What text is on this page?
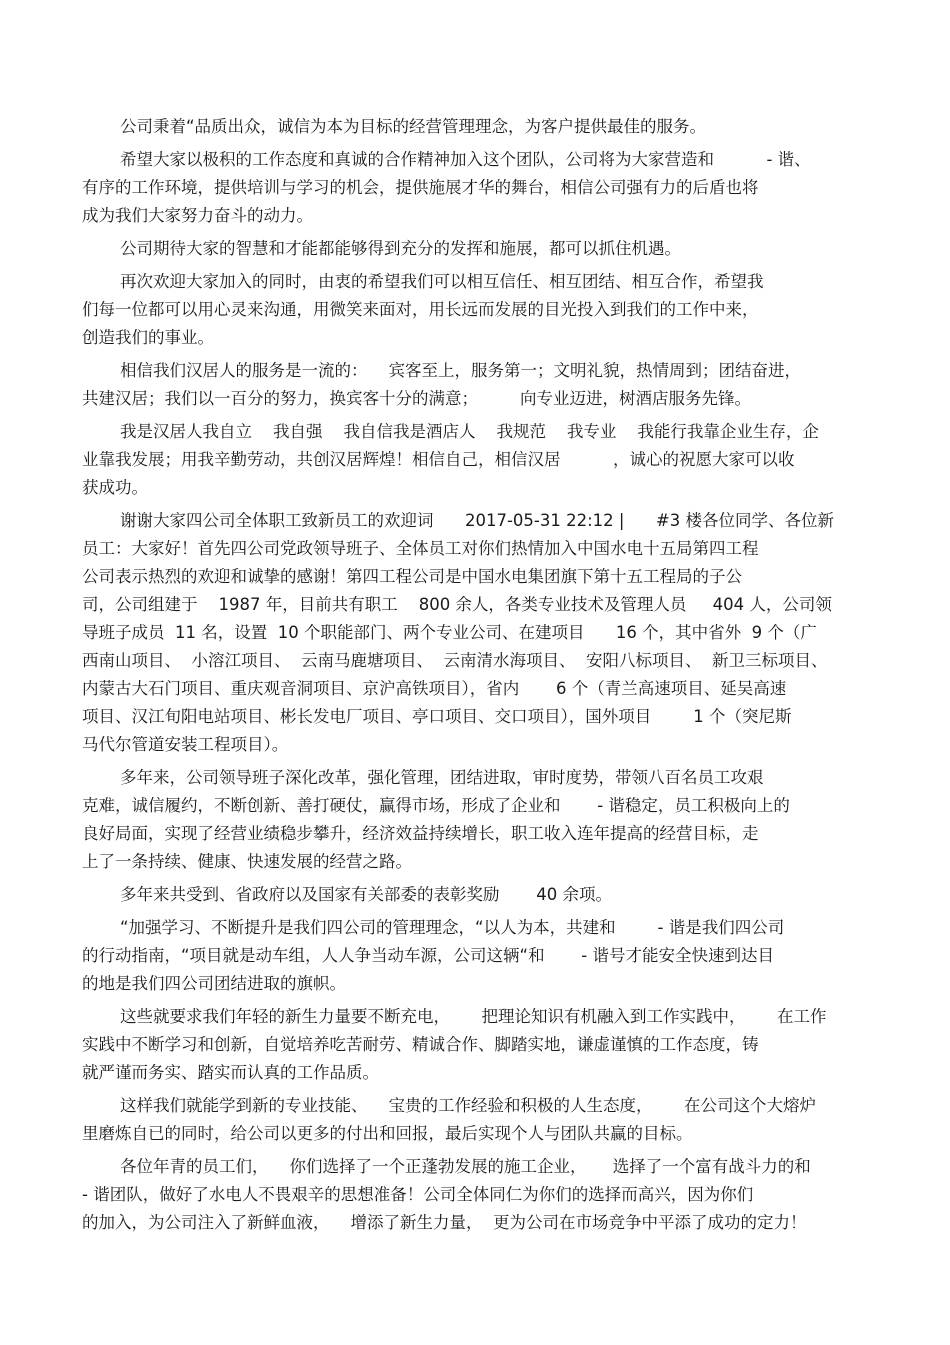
公司秉着“品质出众，诚信为本为目标的经营管理理念，为客户提供最佳的服务。
希望大家以极积的工作态度和真诚的合作精神加入这个团队，公司将为大家营造和          - 谐、
有序的工作环境，提供培训与学习的机会，提供施展才华的舞台，相信公司强有力的后盾也将
成为我们大家努力奋斗的动力。
公司期待大家的智慧和才能都能够得到充分的发挥和施展，都可以抓住机遇。
再次欢迎大家加入的同时，由衷的希望我们可以相互信任、相互团结、相互合作，希望我
们每一位都可以用心灵来沟通，用微笑来面对，用长远而发展的目光投入到我们的工作中来，
创造我们的事业。
相信我们汉居人的服务是一流的：    宾客至上，服务第一；文明礼貌，热情周到；团结奋进，
共建汉居；我们以一百分的努力，换宾客十分的满意；        向专业迈进，树酒店服务先锋。
我是汉居人我自立    我自强    我自信我是酒店人    我规范    我专业    我能行我靠企业生存，企
业靠我发展；用我辛勤劳动，共创汉居辉煌！相信自己，相信汉居          ，诚心的祝愿大家可以收
获成功。
谢谢大家四公司全体职工致新员工的欢迎词      2017-05-31 22:12 |      #3 楼各位同学、各位新
员工：大家好！首先四公司党政领导班子、全体员工对你们热情加入中国水电十五局第四工程
公司表示热烈的欢迎和诚挚的感谢！第四工程公司是中国水电集团旗下第十五工程局的子公
司，公司组建于    1987 年，目前共有职工    800 余人，各类专业技术及管理人员     404 人，公司领
导班子成员  11 名，设置  10 个职能部门、两个专业公司、在建项目      16 个，其中省外  9 个（广
西南山项目、  小溶江项目、  云南马鹿塘项目、  云南清水海项目、  安阳八标项目、  新卫三标项目、
内蒙古大石门项目、重庆观音洞项目、京沪高铁项目），省内       6 个（青兰高速项目、延吴高速
项目、汉江旬阳电站项目、彬长发电厂项目、亭口项目、交口项目），国外项目        1 个（突尼斯
马代尔管道安装工程项目）。
多年来，公司领导班子深化改革，强化管理，团结进取，审时度势，带领八百名员工攻艰
克难，诚信履约，不断创新、善打硬仗，赢得市场，形成了企业和       - 谐稳定，员工积极向上的
良好局面，实现了经营业绩稳步攀升，经济效益持续增长，职工收入连年提高的经营目标，走
上了一条持续、健康、快速发展的经营之路。
多年来共受到、省政府以及国家有关部委的表彰奖励       40 余项。
“加强学习、不断提升是我们四公司的管理理念，“以人为本，共建和        - 谐是我们四公司
的行动指南，“项目就是动车组，人人争当动车源，公司这辆“和       - 谐号才能安全快速到达目
的地是我们四公司团结进取的旗帜。
这些就要求我们年轻的新生力量要不断充电，      把理论知识有机融入到工作实践中，      在工作
实践中不断学习和创新，自觉培养吃苦耐劳、精诚合作、脚踏实地，谦虚谨慎的工作态度，铸
就严谨而务实、踏实而认真的工作品质。
这样我们就能学到新的专业技能、    宝贵的工作经验和积极的人生态度，      在公司这个大熔炉
里磨炼自已的同时，给公司以更多的付出和回报，最后实现个人与团队共赢的目标。
各位年青的员工们，    你们选择了一个正蓬勃发展的施工企业，     选择了一个富有战斗力的和
- 谐团队，做好了水电人不畏艰辛的思想准备！公司全体同仁为你们的选择而高兴，因为你们
的加入，为公司注入了新鲜血液，    增添了新生力量，  更为公司在市场竞争中平添了成功的定力！
